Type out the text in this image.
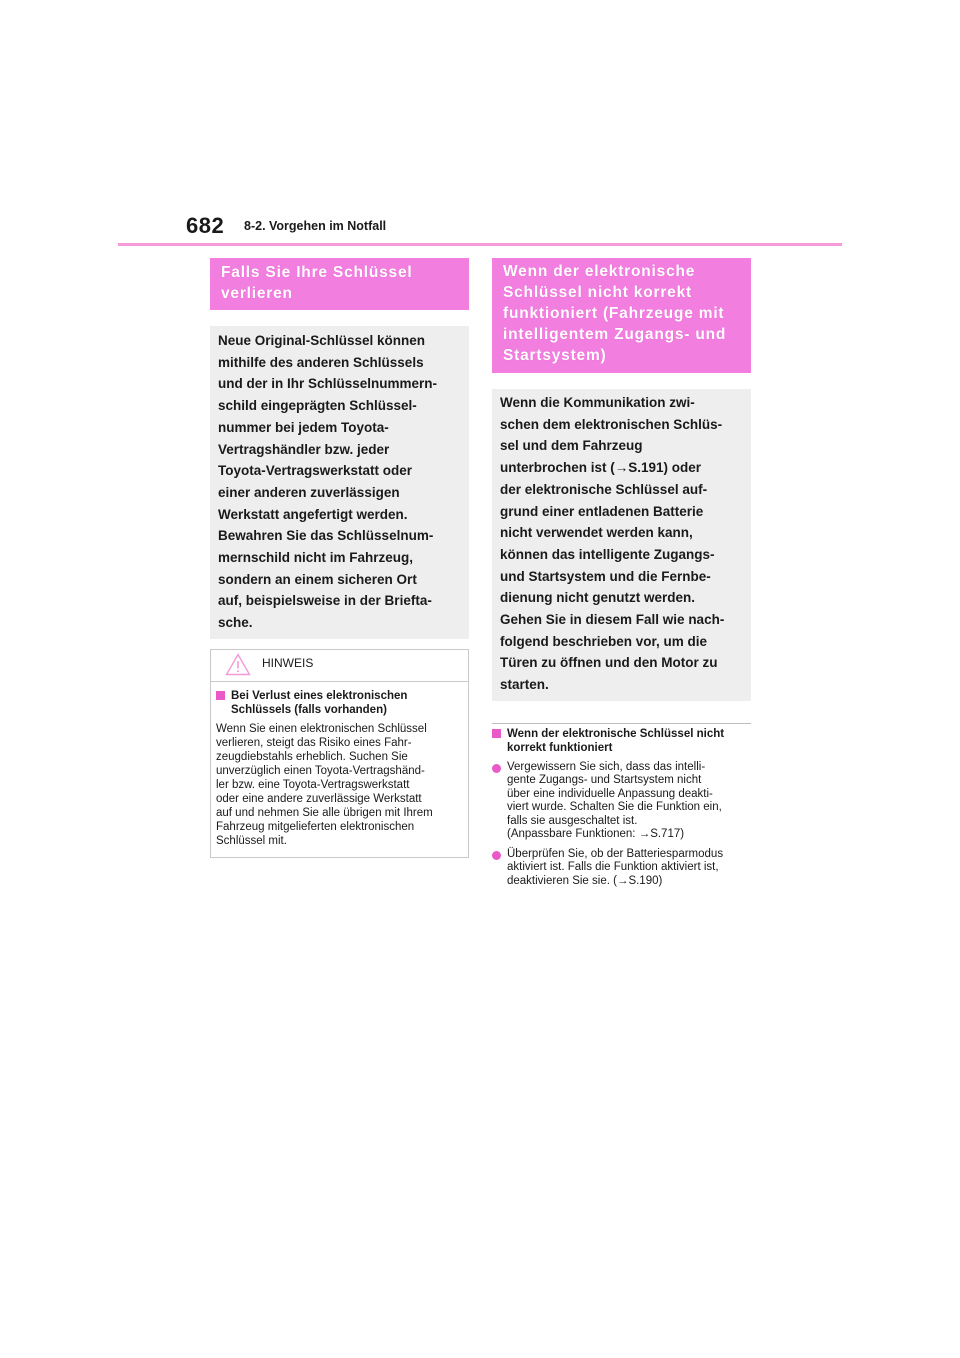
682 8-2. Vorgehen im Notfall
Falls Sie Ihre Schlüssel verlieren

Neue Original-Schlüssel können

mithilfe des anderen Schlüssels

und der in Ihr Schlüsselnummern-

schild eingeprägten Schlüssel-

nummer bei jedem Toyota-

Vertragshändler bzw. jeder

Toyota-Vertragswerkstatt oder

einer anderen zuverlässigen

Werkstatt angefertigt werden.

Bewahren Sie das Schlüsselnum-

mernschild nicht im Fahrzeug,

sondern an einem sicheren Ort

auf, beispielsweise in der Briefta-

sche.

HINWEIS
Bei Verlust eines elektronischen
Schlüssels (falls vorhanden)
Wenn Sie einen elektronischen Schlüssel
verlieren, steigt das Risiko eines Fahr-
zeugdiebstahls erheblich. Suchen Sie
unverzüglich einen Toyota-Vertragshänd-
ler bzw. eine Toyota-Vertragswerkstatt
oder eine andere zuverlässige Werkstatt
auf und nehmen Sie alle übrigen mit Ihrem
Fahrzeug mitgelieferten elektronischen
Schlüssel mit.
Wenn der elektronische
Schlüssel nicht korrekt
funktioniert (Fahrzeuge mit
intelligentem Zugangs- und
Startsystem)

Wenn die Kommunikation zwi-

schen dem elektronischen Schlüs-

sel und dem Fahrzeug

unterbrochen ist (→S.191) oder

der elektronische Schlüssel auf-

grund einer entladenen Batterie

nicht verwendet werden kann,

können das intelligente Zugangs-

und Startsystem und die Fernbe-

dienung nicht genutzt werden.

Gehen Sie in diesem Fall wie nach-

folgend beschrieben vor, um die

Türen zu öffnen und den Motor zu

starten.

Wenn der elektronische Schlüssel nicht
korrekt funktioniert
Vergewissern Sie sich, dass das intelli-
gente Zugangs- und Startsystem nicht
über eine individuelle Anpassung deakti-
viert wurde. Schalten Sie die Funktion ein,
falls sie ausgeschaltet ist.
(Anpassbare Funktionen: →S.717)
Überprüfen Sie, ob der Batteriesparmodus
aktiviert ist. Falls die Funktion aktiviert ist,
deaktivieren Sie sie. (→S.190)
